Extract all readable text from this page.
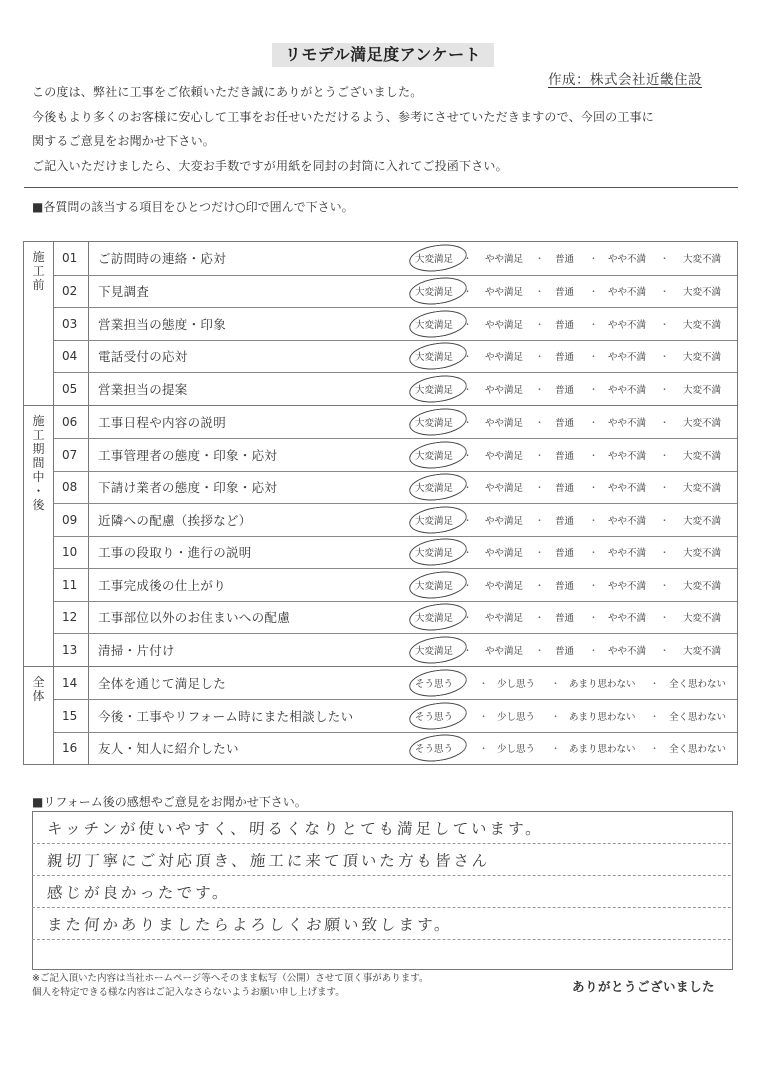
リモデル満足度アンケート
作成：株式会社近畿住設

この度は、弊社に工事をご依頼いただき誠にありがとうございました。

今後もより多くのお客様に安心して工事をお任せいただけるよう、参考にさせていただきますので、今回の工事に

関するご意見をお聞かせ下さい。

ご記入いただけましたら、大変お手数ですが用紙を同封の封筒に入れてご投函下さい。

■各質問の該当する項目をひとつだけ○印で囲んで下さい。
施
工
前
01	ご訪問時の連絡・応対	大変満足 ・ やや満足 ・ 普通 ・ やや不満 ・ 大変不満
02	下見調査	大変満足 ・ やや満足 ・ 普通 ・ やや不満 ・ 大変不満
03	営業担当の態度・印象	大変満足 ・ やや満足 ・ 普通 ・ やや不満 ・ 大変不満
04	電話受付の応対	大変満足 ・ やや満足 ・ 普通 ・ やや不満 ・ 大変不満
05	営業担当の提案	大変満足 ・ やや満足 ・ 普通 ・ やや不満 ・ 大変不満
施
工
期
間
中
・
後
06	工事日程や内容の説明	大変満足 ・ やや満足 ・ 普通 ・ やや不満 ・ 大変不満
07	工事管理者の態度・印象・応対	大変満足 ・ やや満足 ・ 普通 ・ やや不満 ・ 大変不満
08	下請け業者の態度・印象・応対	大変満足 ・ やや満足 ・ 普通 ・ やや不満 ・ 大変不満
09	近隣への配慮（挨拶など）	大変満足 ・ やや満足 ・ 普通 ・ やや不満 ・ 大変不満
10	工事の段取り・進行の説明	大変満足 ・ やや満足 ・ 普通 ・ やや不満 ・ 大変不満
11	工事完成後の仕上がり	大変満足 ・ やや満足 ・ 普通 ・ やや不満 ・ 大変不満
12	工事部位以外のお住まいへの配慮	大変満足 ・ やや満足 ・ 普通 ・ やや不満 ・ 大変不満
13	清掃・片付け	大変満足 ・ やや満足 ・ 普通 ・ やや不満 ・ 大変不満
全
体
14	全体を通じて満足した	そう思う	・ 少し思う ・ あまり思わない ・ 全く思わない
15	今後・工事やリフォーム時にまた相談したい	そう思う	・ 少し思う ・ あまり思わない ・ 全く思わない
16	友人・知人に紹介したい	そう思う	・ 少し思う ・ あまり思わない ・ 全く思わない
■リフォーム後の感想やご意見をお聞かせ下さい。
キッチンが使いやすく、明るくなりとても満足しています。
親切丁寧にご対応頂き、施工に来て頂いた方も皆さん
感じが良かったです。
また何かありましたらよろしくお願い致します。
※ご記入頂いた内容は当社ホームページ等へそのまま転写（公開）させて頂く事があります。
個人を特定できる様な内容はご記入なさらないようお願い申し上げます。	ありがとうございました
